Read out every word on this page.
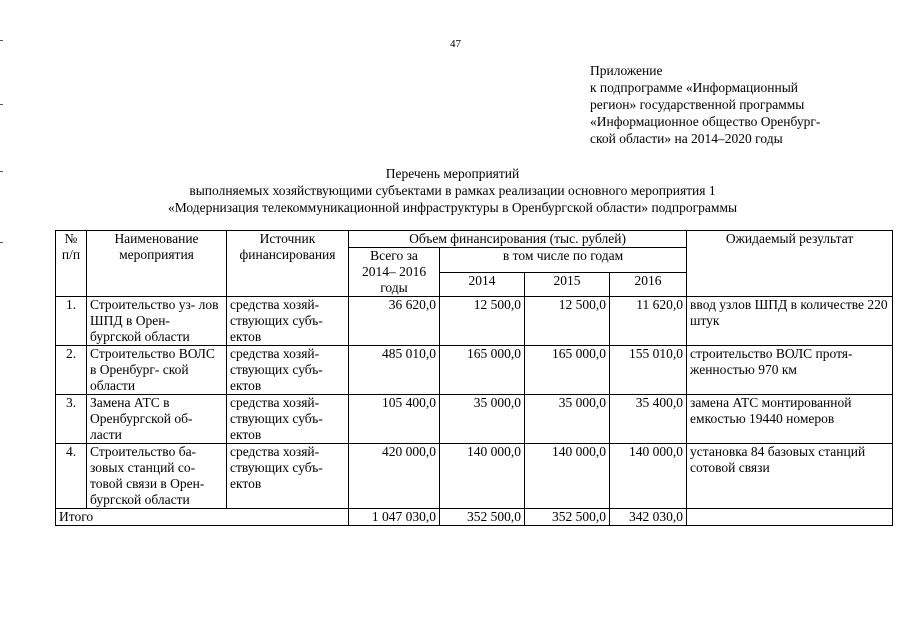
47
Приложение
к подпрограмме «Информационный
регион» государственной программы
«Информационное общество Оренбург-
ской области» на 2014–2020 годы
Перечень мероприятий
выполняемых хозяйствующими субъектами в рамках реализации основного мероприятия 1
«Модернизация телекоммуникационной инфраструктуры в Оренбургской области» подпрограммы
№ п/п	Наименование мероприятия	Источник финансирования	Объем финансирования (тыс. рублей)				Ожидаемый результат
			Всего за 2014– 2016 годы	в том числе по годам			
				2014	2015	2016	
1.	Строительство уз- лов ШПД в Орен- бургской области	средства хозяй- ствующих субъ- ектов	36 620,0	12 500,0	12 500,0	11 620,0	ввод узлов ШПД в количестве 220 штук
2.	Строительство ВОЛС в Оренбург- ской области	средства хозяй- ствующих субъ- ектов	485 010,0	165 000,0	165 000,0	155 010,0	строительство ВОЛС протя- женностью 970 км
3.	Замена АТС в Оренбургской об- ласти	средства хозяй- ствующих субъ- ектов	105 400,0	35 000,0	35 000,0	35 400,0	замена АТС монтированной емкостью 19440 номеров
4.	Строительство ба- зовых станций со- товой связи в Орен- бургской области	средства хозяй- ствующих субъ- ектов	420 000,0	140 000,0	140 000,0	140 000,0	установка 84 базовых станций сотовой связи
Итого			1 047 030,0	352 500,0	352 500,0	342 030,0	
